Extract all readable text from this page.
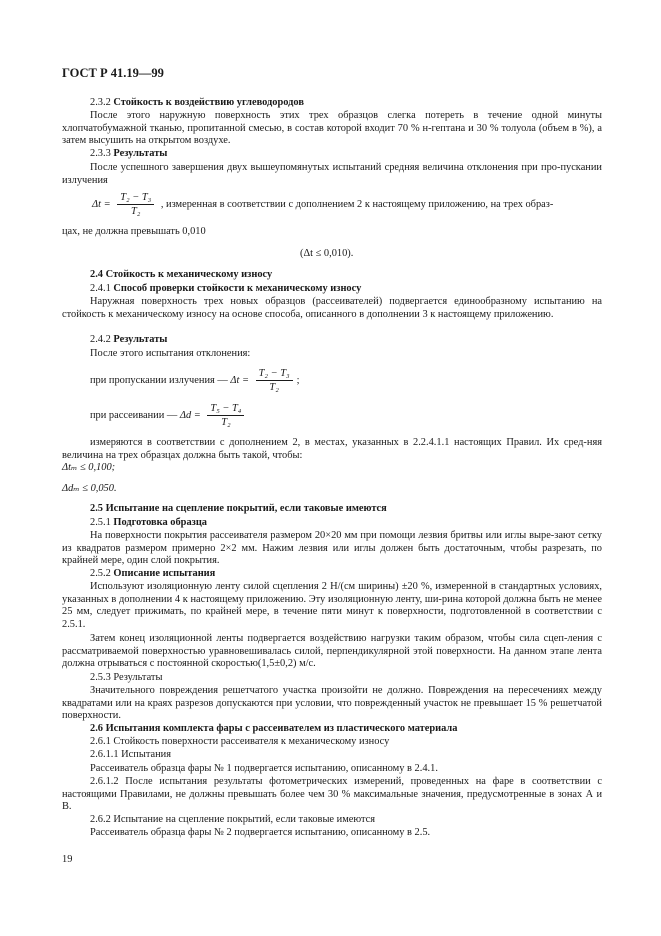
ГОСТ Р 41.19—99

2.3.2 Стойкость к воздействию углеводородов

После этого наружную поверхность этих трех образцов слегка потереть в течение одной минуты хлопчатобумажной тканью, пропитанной смесью, в состав которой входит 70 % н-гептана и 30 % толуола (объем в %), а затем высушить на открытом воздухе.

2.3.3 Результаты

После успешного завершения двух вышеупомянутых испытаний средняя величина отклонения при про-пускании излучения

$\Delta t = \frac{\text{T₂ − T₃}}{\text{T₂}}$ , измеренная в соответствии с дополнением 2 к настоящему приложению, на трех образ-

цах, не должна превышать 0,010

(Δt ≤ 0,010).

2.4 Стойкость к механическому износу

2.4.1 Способ проверки стойкости к механическому износу

Наружная поверхность трех новых образцов (рассеивателей) подвергается единообразному испытанию на стойкость к механическому износу на основе способа, описанного в дополнении 3 к настоящему приложению.

2.4.2 Результаты

После этого испытания отклонения:

при пропускании излучения — $\Delta t = \frac{\text{T₂ − T₃}}{\text{T₂}}$ ;
при рассеивании — $\Delta d = \frac{\text{T₅ − T₄}}{\text{T₂}}$

измеряются в соответствии с дополнением 2, в местах, указанных в 2.2.4.1.1 настоящих Правил. Их сред-няя величина на трех образцах должна быть такой, чтобы:

Δtₘ ≤ 0,100;

Δdₘ ≤ 0,050.

2.5 Испытание на сцепление покрытий, если таковые имеются

2.5.1 Подготовка образца

На поверхности покрытия рассеивателя размером 20×20 мм при помощи лезвия бритвы или иглы выре-зают сетку из квадратов размером примерно 2×2 мм. Нажим лезвия или иглы должен быть достаточным, чтобы разрезать, по крайней мере, один слой покрытия.

2.5.2 Описание испытания

Используют изоляционную ленту силой сцепления 2 Н/(см ширины) ±20 %, измеренной в стандартных условиях, указанных в дополнении 4 к настоящему приложению. Эту изоляционную ленту, ши-рина которой должна быть не менее 25 мм, следует прижимать, по крайней мере, в течение пяти минут к поверхности, подготовленной в соответствии с 2.5.1.

Затем конец изоляционной ленты подвергается воздействию нагрузки таким образом, чтобы сила сцеп-ления с рассматриваемой поверхностью уравновешивалась силой, перпендикулярной этой поверхности. На данном этапе лента должна отрываться с постоянной скоростью(1,5±0,2) м/с.

2.5.3 Результаты

Значительного повреждения решетчатого участка произойти не должно. Повреждения на пересечениях между квадратами или на краях разрезов допускаются при условии, что поврежденный участок не превышает 15 % решетчатой поверхности.

2.6 Испытания комплекта фары с рассеивателем из пластического материала

2.6.1 Стойкость поверхности рассеивателя к механическому износу

2.6.1.1 Испытания

Рассеиватель образца фары № 1 подвергается испытанию, описанному в 2.4.1.

2.6.1.2 После испытания результаты фотометрических измерений, проведенных на фаре в соответствии с настоящими Правилами, не должны превышать более чем 30 % максимальные значения, предусмотренные в зонах А и В.

2.6.2 Испытание на сцепление покрытий, если таковые имеются

Рассеиватель образца фары № 2 подвергается испытанию, описанному в 2.5.

19
